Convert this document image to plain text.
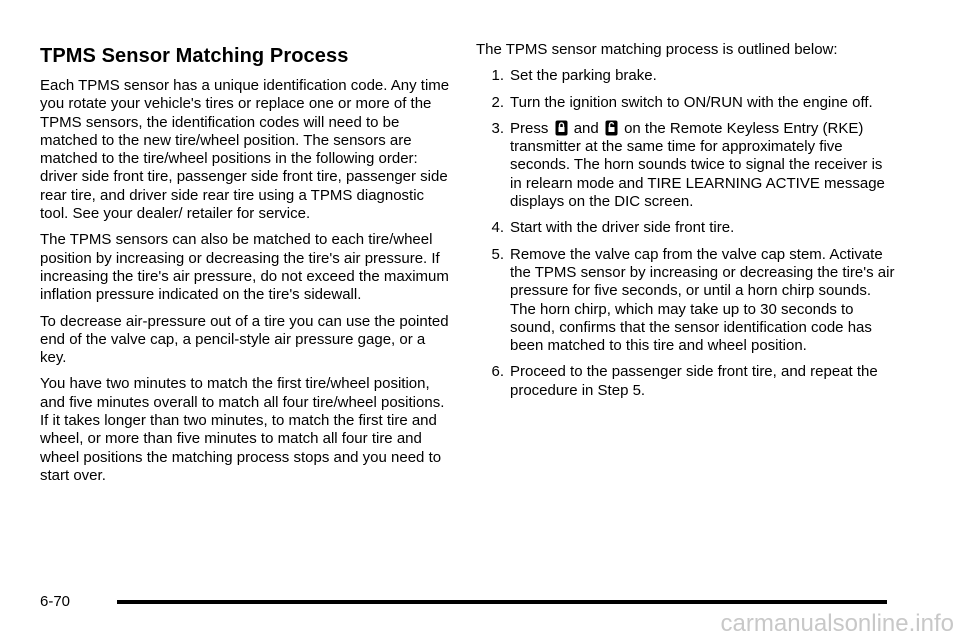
TPMS Sensor Matching Process

Each TPMS sensor has a unique identification code. Any time you rotate your vehicle's tires or replace one or more of the TPMS sensors, the identification codes will need to be matched to the new tire/wheel position. The sensors are matched to the tire/wheel positions in the following order: driver side front tire, passenger side front tire, passenger side rear tire, and driver side rear tire using a TPMS diagnostic tool. See your dealer/ retailer for service.

The TPMS sensors can also be matched to each tire/wheel position by increasing or decreasing the tire's air pressure. If increasing the tire's air pressure, do not exceed the maximum inflation pressure indicated on the tire's sidewall.

To decrease air-pressure out of a tire you can use the pointed end of the valve cap, a pencil-style air pressure gage, or a key.

You have two minutes to match the first tire/wheel position, and five minutes overall to match all four tire/wheel positions. If it takes longer than two minutes, to match the first tire and wheel, or more than five minutes to match all four tire and wheel positions the matching process stops and you need to start over.

The TPMS sensor matching process is outlined below:
1. Set the parking brake.
2. Turn the ignition switch to ON/RUN with the engine off.
3. Press and on the Remote Keyless Entry (RKE) transmitter at the same time for approximately five seconds. The horn sounds twice to signal the receiver is in relearn mode and TIRE LEARNING ACTIVE message displays on the DIC screen.
4. Start with the driver side front tire.
5. Remove the valve cap from the valve cap stem. Activate the TPMS sensor by increasing or decreasing the tire's air pressure for five seconds, or until a horn chirp sounds. The horn chirp, which may take up to 30 seconds to sound, confirms that the sensor identification code has been matched to this tire and wheel position.
6. Proceed to the passenger side front tire, and repeat the procedure in Step 5.
6-70
carmanualsonline.info
